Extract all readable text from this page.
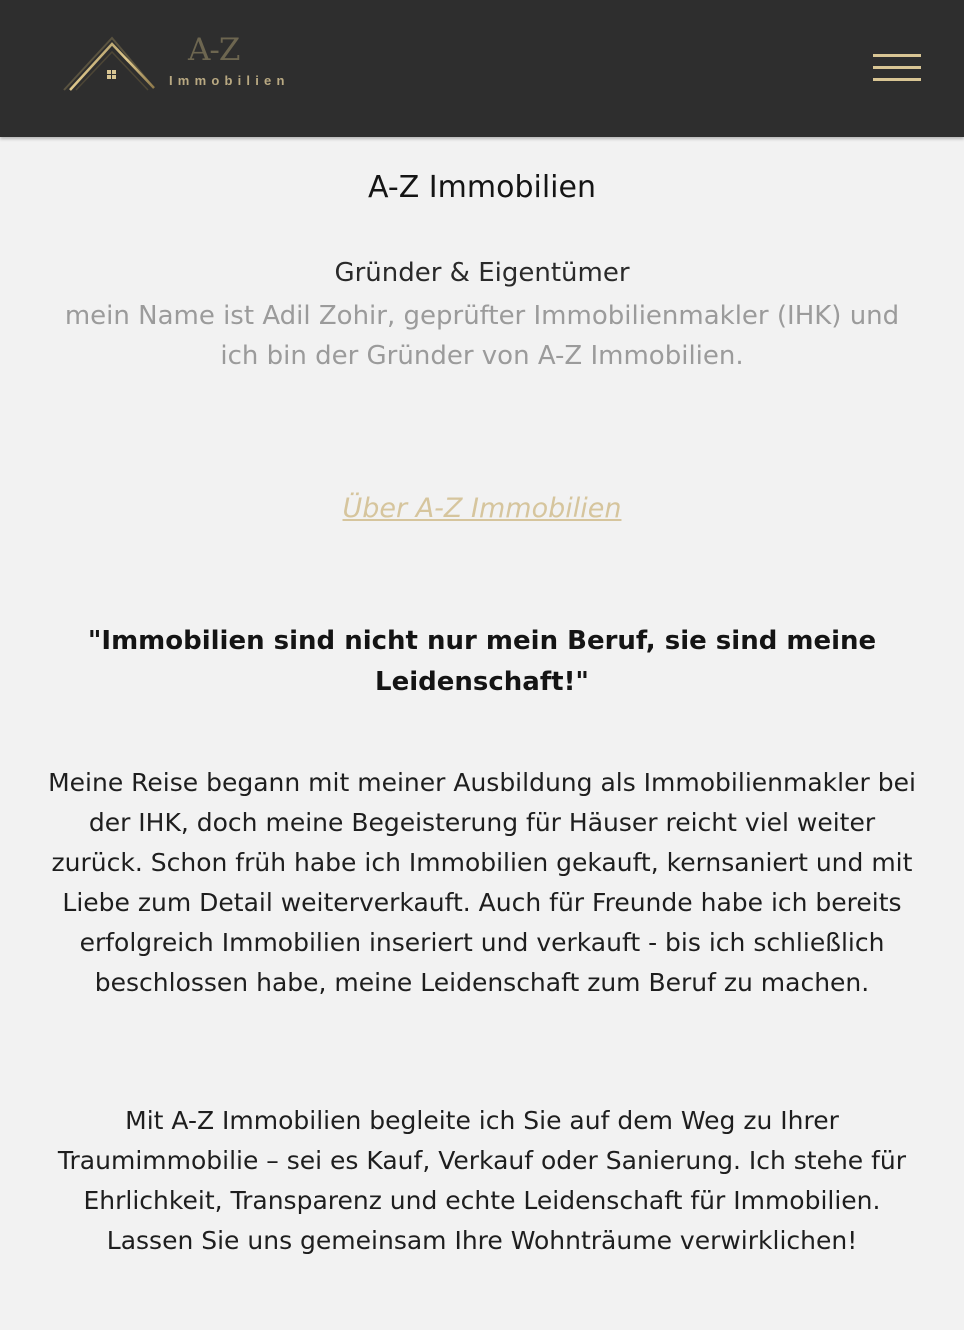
A-Z
Immobilien
A-Z Immobilien
Gründer & Eigentümer
mein Name ist Adil Zohir, geprüfter Immobilienmakler (IHK) und ich bin der Gründer von A-Z Immobilien.
Über A-Z Immobilien
"Immobilien sind nicht nur mein Beruf, sie sind meine Leidenschaft!"
Meine Reise begann mit meiner Ausbildung als Immobilienmakler bei der IHK, doch meine Begeisterung für Häuser reicht viel weiter zurück. Schon früh habe ich Immobilien gekauft, kernsaniert und mit Liebe zum Detail weiterverkauft. Auch für Freunde habe ich bereits erfolgreich Immobilien inseriert und verkauft - bis ich schließlich beschlossen habe, meine Leidenschaft zum Beruf zu machen.
Mit A-Z Immobilien begleite ich Sie auf dem Weg zu Ihrer Traumimmobilie – sei es Kauf, Verkauf oder Sanierung. Ich stehe für Ehrlichkeit, Transparenz und echte Leidenschaft für Immobilien. Lassen Sie uns gemeinsam Ihre Wohnträume verwirklichen!
